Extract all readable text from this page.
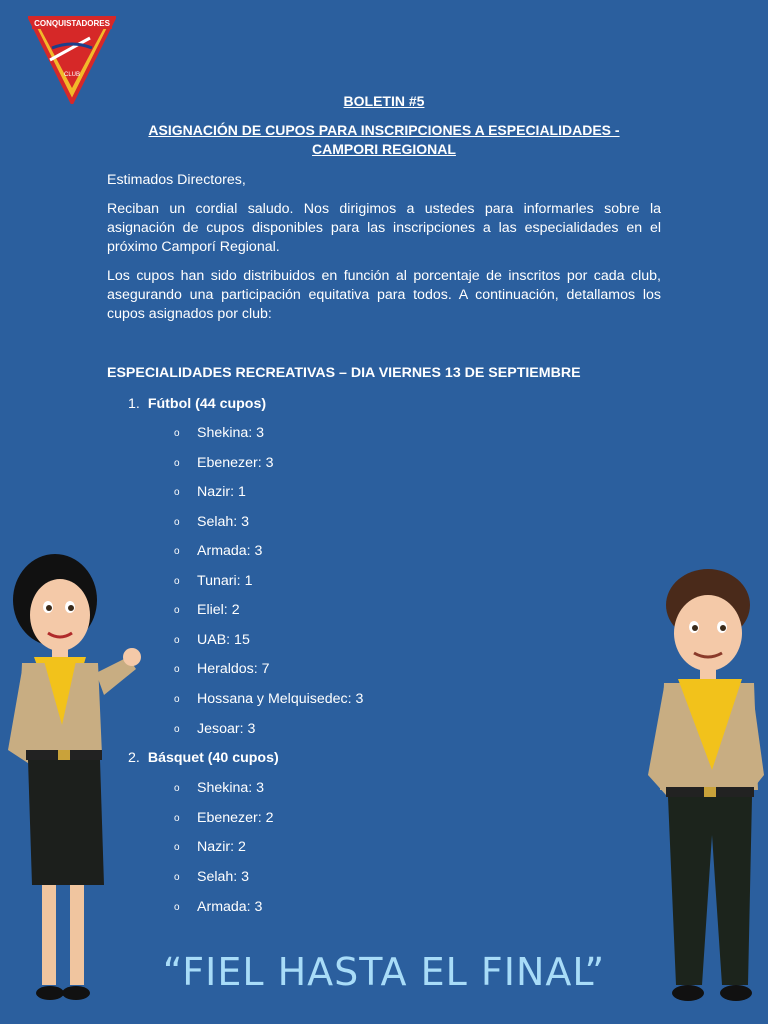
CONQUISTADORES
CLUB
BOLETIN #5
ASIGNACIÓN DE CUPOS PARA INSCRIPCIONES A ESPECIALIDADES -
CAMPORI REGIONAL
Estimados Directores,
Reciban un cordial saludo. Nos dirigimos a ustedes para informarles sobre la asignación de cupos disponibles para las inscripciones a las especialidades en el próximo Camporí Regional.
Los cupos han sido distribuidos en función al porcentaje de inscritos por cada club, asegurando una participación equitativa para todos. A continuación, detallamos los cupos asignados por club:
ESPECIALIDADES RECREATIVAS – DIA VIERNES 13 DE SEPTIEMBRE
1. Fútbol (44 cupos)
o Shekina: 3
o Ebenezer: 3
o Nazir: 1
o Selah: 3
o Armada: 3
o Tunari: 1
o Eliel: 2
o UAB: 15
o Heraldos: 7
o Hossana y Melquisedec: 3
o Jesoar: 3
2. Básquet (40 cupos)
o Shekina: 3
o Ebenezer: 2
o Nazir: 2
o Selah: 3
o Armada: 3
“FIEL HASTA EL FINAL”
